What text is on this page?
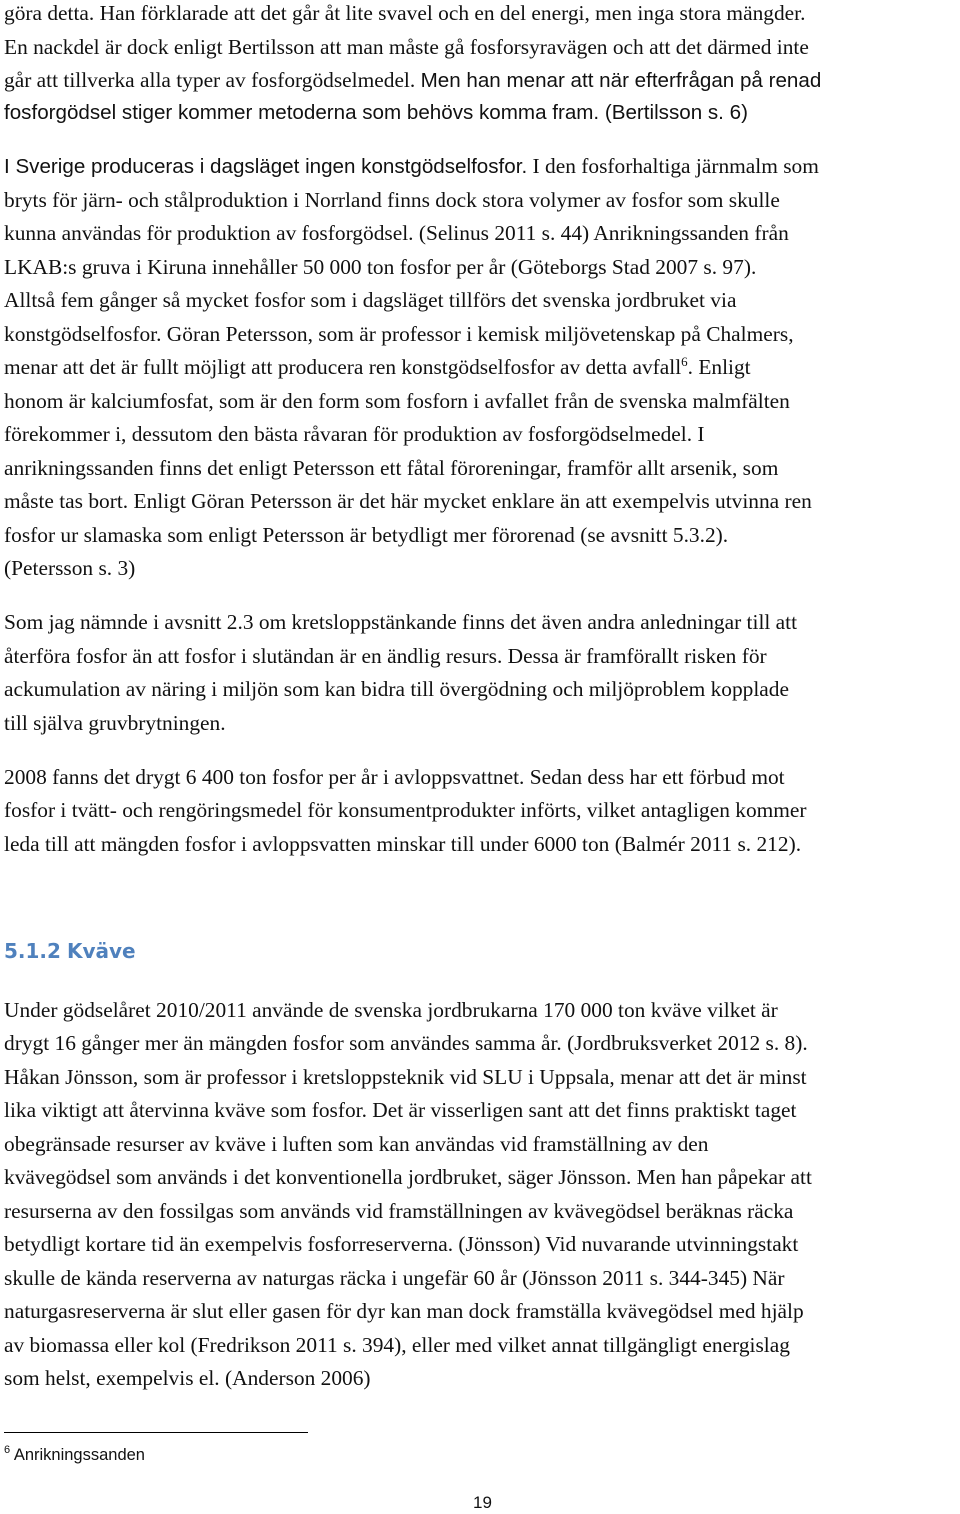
göra detta. Han förklarade att det går åt lite svavel och en del energi, men inga stora mängder.
En nackdel är dock enligt Bertilsson att man måste gå fosforsyravägen och att det därmed inte
går att tillverka alla typer av fosforgödselmedel. Men han menar att när efterfrågan på renad
fosforgödsel stiger kommer metoderna som behövs komma fram. (Bertilsson s. 6)
I Sverige produceras i dagsläget ingen konstgödselfosfor. I den fosforhaltiga järnmalm som
bryts för järn- och stålproduktion i Norrland finns dock stora volymer av fosfor som skulle
kunna användas för produktion av fosforgödsel. (Selinus 2011 s. 44) Anrikningssanden från
LKAB:s gruva i Kiruna innehåller 50 000 ton fosfor per år (Göteborgs Stad 2007 s. 97).
Alltså fem gånger så mycket fosfor som i dagsläget tillförs det svenska jordbruket via
konstgödselfosfor. Göran Petersson, som är professor i kemisk miljövetenskap på Chalmers,
menar att det är fullt möjligt att producera ren konstgödselfosfor av detta avfall$^6$. Enligt
honom är kalciumfosfat, som är den form som fosforn i avfallet från de svenska malmfälten
förekommer i, dessutom den bästa råvaran för produktion av fosforgödselmedel. I
anrikningssanden finns det enligt Petersson ett fåtal föroreningar, framför allt arsenik, som
måste tas bort. Enligt Göran Petersson är det här mycket enklare än att exempelvis utvinna ren
fosfor ur slamaska som enligt Petersson är betydligt mer förorenad (se avsnitt 5.3.2).
(Petersson s. 3)
Som jag nämnde i avsnitt 2.3 om kretsloppstänkande finns det även andra anledningar till att
återföra fosfor än att fosfor i slutändan är en ändlig resurs. Dessa är framförallt risken för
ackumulation av näring i miljön som kan bidra till övergödning och miljöproblem kopplade
till själva gruvbrytningen.
2008 fanns det drygt 6 400 ton fosfor per år i avloppsvattnet. Sedan dess har ett förbud mot
fosfor i tvätt- och rengöringsmedel för konsumentprodukter införts, vilket antagligen kommer
leda till att mängden fosfor i avloppsvatten minskar till under 6000 ton (Balmér 2011 s. 212).
5.1.2 Kväve
Under gödselåret 2010/2011 använde de svenska jordbrukarna 170 000 ton kväve vilket är
drygt 16 gånger mer än mängden fosfor som användes samma år. (Jordbruksverket 2012 s. 8).
Håkan Jönsson, som är professor i kretsloppsteknik vid SLU i Uppsala, menar att det är minst
lika viktigt att återvinna kväve som fosfor. Det är visserligen sant att det finns praktiskt taget
obegränsade resurser av kväve i luften som kan användas vid framställning av den
kvävegödsel som används i det konventionella jordbruket, säger Jönsson. Men han påpekar att
resurserna av den fossilgas som används vid framställningen av kvävegödsel beräknas räcka
betydligt kortare tid än exempelvis fosforreserverna. (Jönsson) Vid nuvarande utvinningstakt
skulle de kända reserverna av naturgas räcka i ungefär 60 år (Jönsson 2011 s. 344-345) När
naturgasreserverna är slut eller gasen för dyr kan man dock framställa kvävegödsel med hjälp
av biomassa eller kol (Fredrikson 2011 s. 394), eller med vilket annat tillgängligt energislag
som helst, exempelvis el. (Anderson 2006)
$^6$ Anrikningssanden
19
